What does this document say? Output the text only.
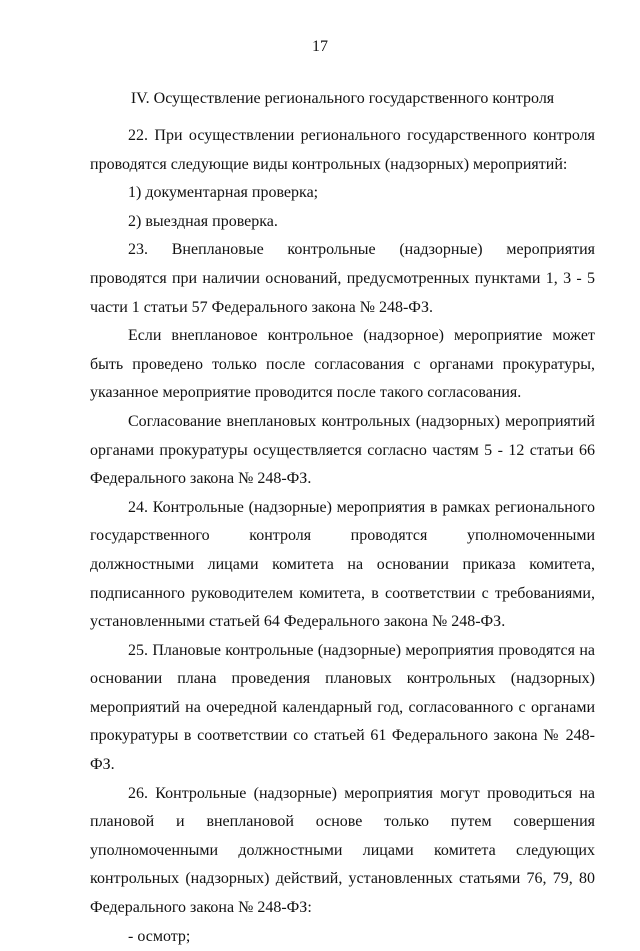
17
IV. Осуществление регионального государственного контроля

22. При осуществлении регионального государственного контроля проводятся следующие виды контрольных (надзорных) мероприятий:

1) документарная проверка;

2) выездная проверка.

23. Внеплановые контрольные (надзорные) мероприятия проводятся при наличии оснований, предусмотренных пунктами 1, 3 - 5 части 1 статьи 57 Федерального закона № 248-ФЗ.

Если внеплановое контрольное (надзорное) мероприятие может быть проведено только после согласования с органами прокуратуры, указанное мероприятие проводится после такого согласования.

Согласование внеплановых контрольных (надзорных) мероприятий органами прокуратуры осуществляется согласно частям 5 - 12 статьи 66 Федерального закона № 248-ФЗ.

24. Контрольные (надзорные) мероприятия в рамках регионального государственного контроля проводятся уполномоченными должностными лицами комитета на основании приказа комитета, подписанного руководителем комитета, в соответствии с требованиями, установленными статьей 64 Федерального закона № 248-ФЗ.

25. Плановые контрольные (надзорные) мероприятия проводятся на основании плана проведения плановых контрольных (надзорных) мероприятий на очередной календарный год, согласованного с органами прокуратуры в соответствии со статьей 61 Федерального закона № 248-ФЗ.

26. Контрольные (надзорные) мероприятия могут проводиться на плановой и внеплановой основе только путем совершения уполномоченными должностными лицами комитета следующих контрольных (надзорных) действий, установленных статьями 76, 79, 80 Федерального закона № 248-ФЗ:

- осмотр;
